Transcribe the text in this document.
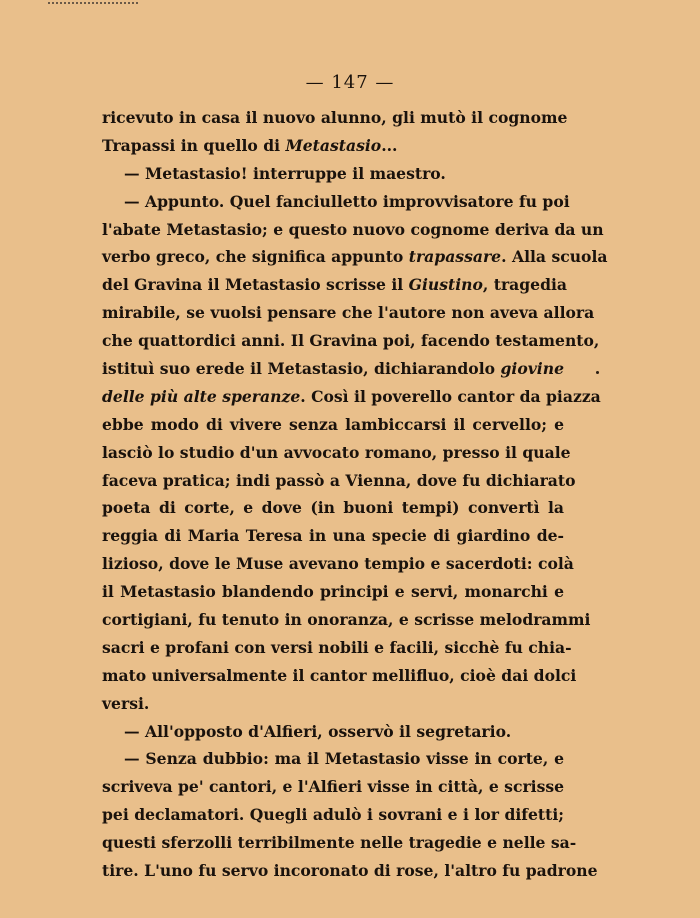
— 147 —
ricevuto in casa il nuovo alunno, gli mutò il cognome
Trapassi in quello di Metastasio...
— Metastasio! interruppe il maestro.
— Appunto. Quel fanciulletto improvvisatore fu poi
l'abate Metastasio; e questo nuovo cognome deriva da un
verbo greco, che significa appunto trapassare. Alla scuola
del Gravina il Metastasio scrisse il Giustino, tragedia
mirabile, se vuolsi pensare che l'autore non aveva allora
che quattordici anni. Il Gravina poi, facendo testamento,
istituì suo erede il Metastasio, dichiarandolo giovine
delle più alte speranze. Così il poverello cantor da piazza
ebbe modo di vivere senza lambiccarsi il cervello; e
lasciò lo studio d'un avvocato romano, presso il quale
faceva pratica; indi passò a Vienna, dove fu dichiarato
poeta di corte, e dove (in buoni tempi) convertì la
reggia di Maria Teresa in una specie di giardino de-
lizioso, dove le Muse avevano tempio e sacerdoti: colà
il Metastasio blandendo principi e servi, monarchi e
cortigiani, fu tenuto in onoranza, e scrisse melodrammi
sacri e profani con versi nobili e facili, sicchè fu chia-
mato universalmente il cantor mellifluo, cioè dai dolci
versi.
— All'opposto d'Alfieri, osservò il segretario.
— Senza dubbio: ma il Metastasio visse in corte, e
scriveva pe' cantori, e l'Alfieri visse in città, e scrisse
pei declamatori. Quegli adulò i sovrani e i lor difetti;
questi sferzolli terribilmente nelle tragedie e nelle sa-
tire. L'uno fu servo incoronato di rose, l'altro fu padrone
